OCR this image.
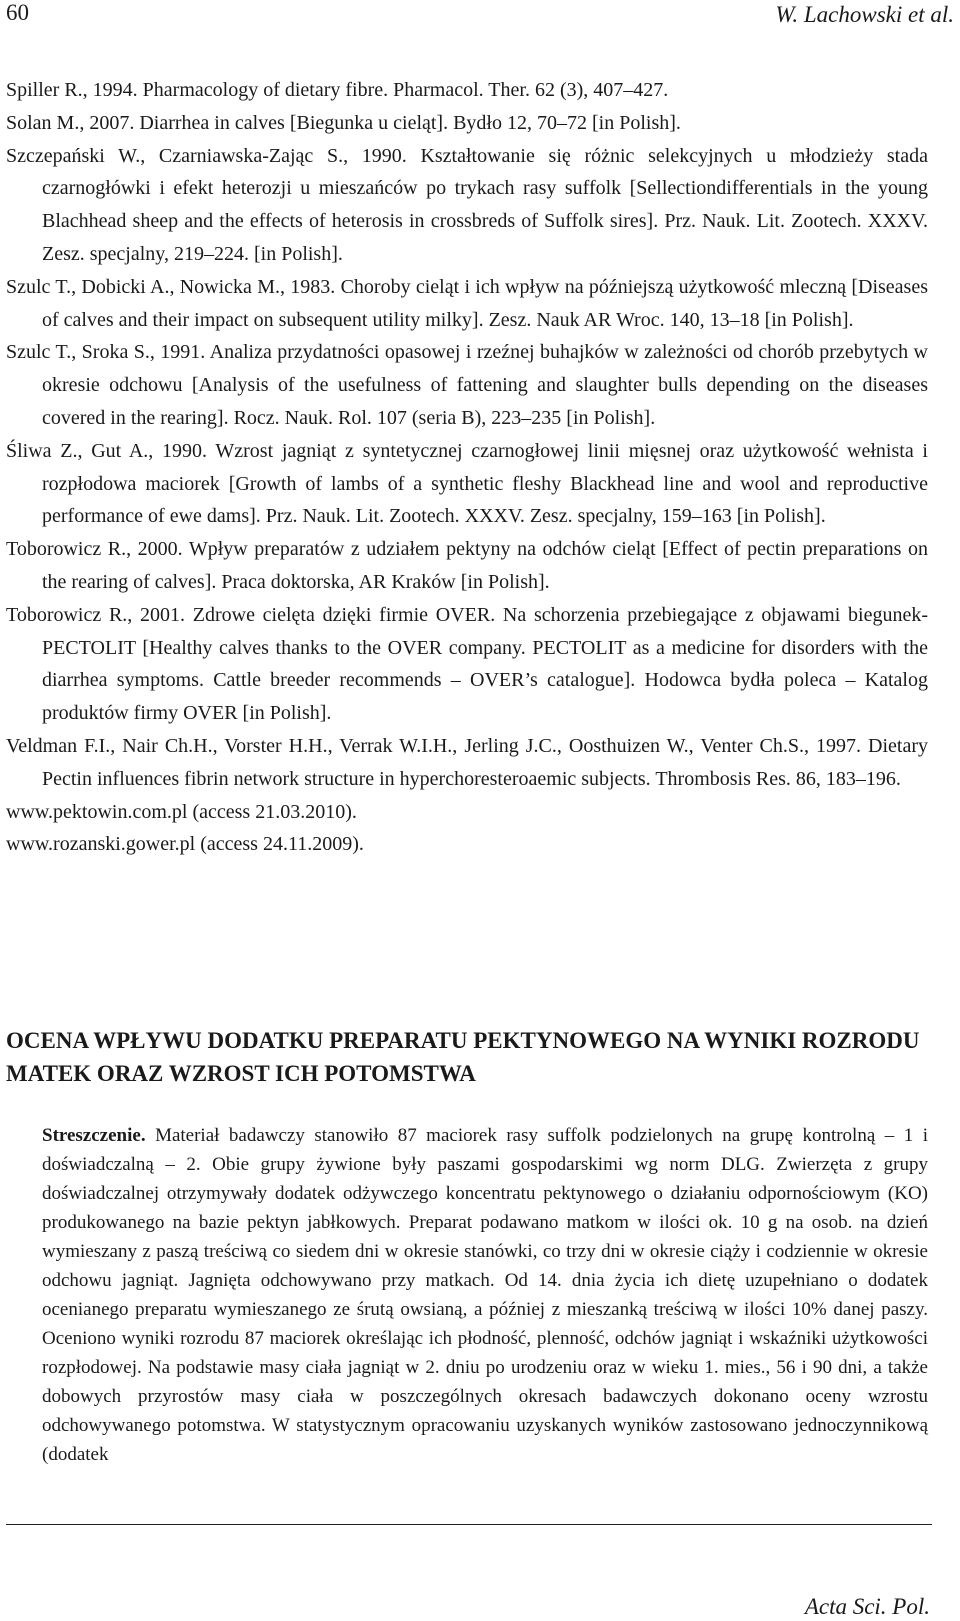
60	W. Lachowski et al.

Spiller R., 1994. Pharmacology of dietary fibre. Pharmacol. Ther. 62 (3), 407–427.

Solan M., 2007. Diarrhea in calves [Biegunka u cieląt]. Bydło 12, 70–72 [in Polish].

Szczepański W., Czarniawska-Zając S., 1990. Kształtowanie się różnic selekcyjnych u młodzieży stada czarnogłówki i efekt heterozji u mieszańców po trykach rasy suffolk [Sellectiondifferentials in the young Blachhead sheep and the effects of heterosis in crossbreds of Suffolk sires]. Prz. Nauk. Lit. Zootech. XXXV. Zesz. specjalny, 219–224. [in Polish].

Szulc T., Dobicki A., Nowicka M., 1983. Choroby cieląt i ich wpływ na późniejszą użytkowość mleczną [Diseases of calves and their impact on subsequent utility milky]. Zesz. Nauk AR Wroc. 140, 13–18 [in Polish].

Szulc T., Sroka S., 1991. Analiza przydatności opasowej i rzeźnej buhajków w zależności od chorób przebytych w okresie odchowu [Analysis of the usefulness of fattening and slaughter bulls depending on the diseases covered in the rearing]. Rocz. Nauk. Rol. 107 (seria B), 223–235 [in Polish].

Śliwa Z., Gut A., 1990. Wzrost jagniąt z syntetycznej czarnogłowej linii mięsnej oraz użytkowość wełnista i rozpłodowa maciorek [Growth of lambs of a synthetic fleshy Blackhead line and wool and reproductive performance of ewe dams]. Prz. Nauk. Lit. Zootech. XXXV. Zesz. specjalny, 159–163 [in Polish].

Toborowicz R., 2000. Wpływ preparatów z udziałem pektyny na odchów cieląt [Effect of pectin preparations on the rearing of calves]. Praca doktorska, AR Kraków [in Polish].

Toborowicz R., 2001. Zdrowe cielęta dzięki firmie OVER. Na schorzenia przebiegające z objawami biegunek-PECTOLIT [Healthy calves thanks to the OVER company. PECTOLIT as a medicine for disorders with the diarrhea symptoms. Cattle breeder recommends – OVER’s catalogue]. Hodowca bydła poleca – Katalog produktów firmy OVER [in Polish].

Veldman F.I., Nair Ch.H., Vorster H.H., Verrak W.I.H., Jerling J.C., Oosthuizen W., Venter Ch.S., 1997. Dietary Pectin influences fibrin network structure in hyperchoresteroaemic subjects. Thrombosis Res. 86, 183–196.

www.pektowin.com.pl (access 21.03.2010).

www.rozanski.gower.pl (access 24.11.2009).

OCENA WPŁYWU DODATKU PREPARATU PEKTYNOWEGO NA WYNIKI ROZRODU MATEK ORAZ WZROST ICH POTOMSTWA

Streszczenie. Materiał badawczy stanowiło 87 maciorek rasy suffolk podzielonych na grupę kontrolną – 1 i doświadczalną – 2. Obie grupy żywione były paszami gospodarskimi wg norm DLG. Zwierzęta z grupy doświadczalnej otrzymywały dodatek odżywczego koncentratu pektynowego o działaniu odpornościowym (KO) produkowanego na bazie pektyn jabłkowych. Preparat podawano matkom w ilości ok. 10 g na osob. na dzień wymieszany z paszą treściwą co siedem dni w okresie stanówki, co trzy dni w okresie ciąży i codziennie w okresie odchowu jagniąt. Jagnięta odchowywano przy matkach. Od 14. dnia życia ich dietę uzupełniano o dodatek ocenianego preparatu wymieszanego ze śrutą owsianą, a później z mieszanką treściwą w ilości 10% danej paszy. Oceniono wyniki rozrodu 87 maciorek określając ich płodność, plenność, odchów jagniąt i wskaźniki użytkowości rozpłodowej. Na podstawie masy ciała jagniąt w 2. dniu po urodzeniu oraz w wieku 1. mies., 56 i 90 dni, a także dobowych przyrostów masy ciała w poszczególnych okresach badawczych dokonano oceny wzrostu odchowywanego potomstwa. W statystycznym opracowaniu uzyskanych wyników zastosowano jednoczynnikową (dodatek

Acta Sci. Pol.
